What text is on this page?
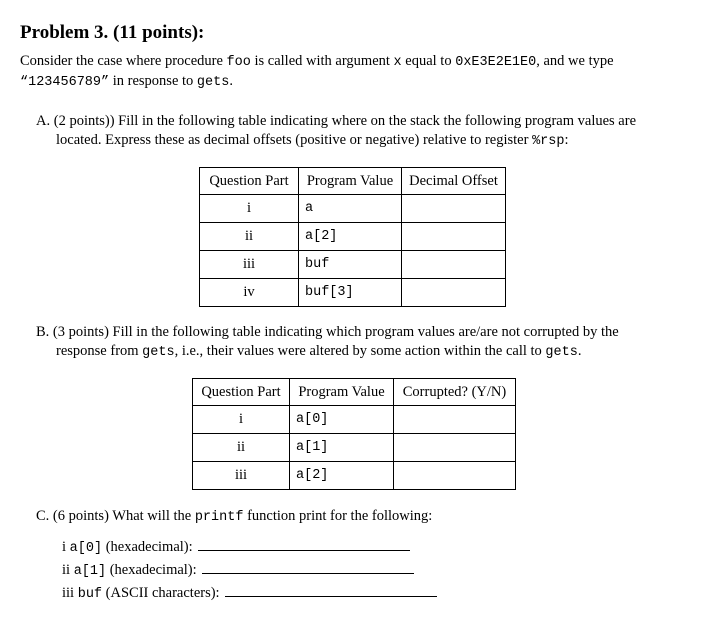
Problem 3. (11 points):
Consider the case where procedure foo is called with argument x equal to 0xE3E2E1E0, and we type
“123456789” in response to gets.
A. (2 points)) Fill in the following table indicating where on the stack the following program values are
located. Express these as decimal offsets (positive or negative) relative to register %rsp:
Question Part	Program Value	Decimal Offset
i	a	
ii	a[2]	
iii	buf	
iv	buf[3]	
B. (3 points) Fill in the following table indicating which program values are/are not corrupted by the
response from gets, i.e., their values were altered by some action within the call to gets.
Question Part	Program Value	Corrupted? (Y/N)
i	a[0]	
ii	a[1]	
iii	a[2]	
C. (6 points) What will the printf function print for the following:
i a[0] (hexadecimal):
ii a[1] (hexadecimal):
iii buf (ASCII characters):
